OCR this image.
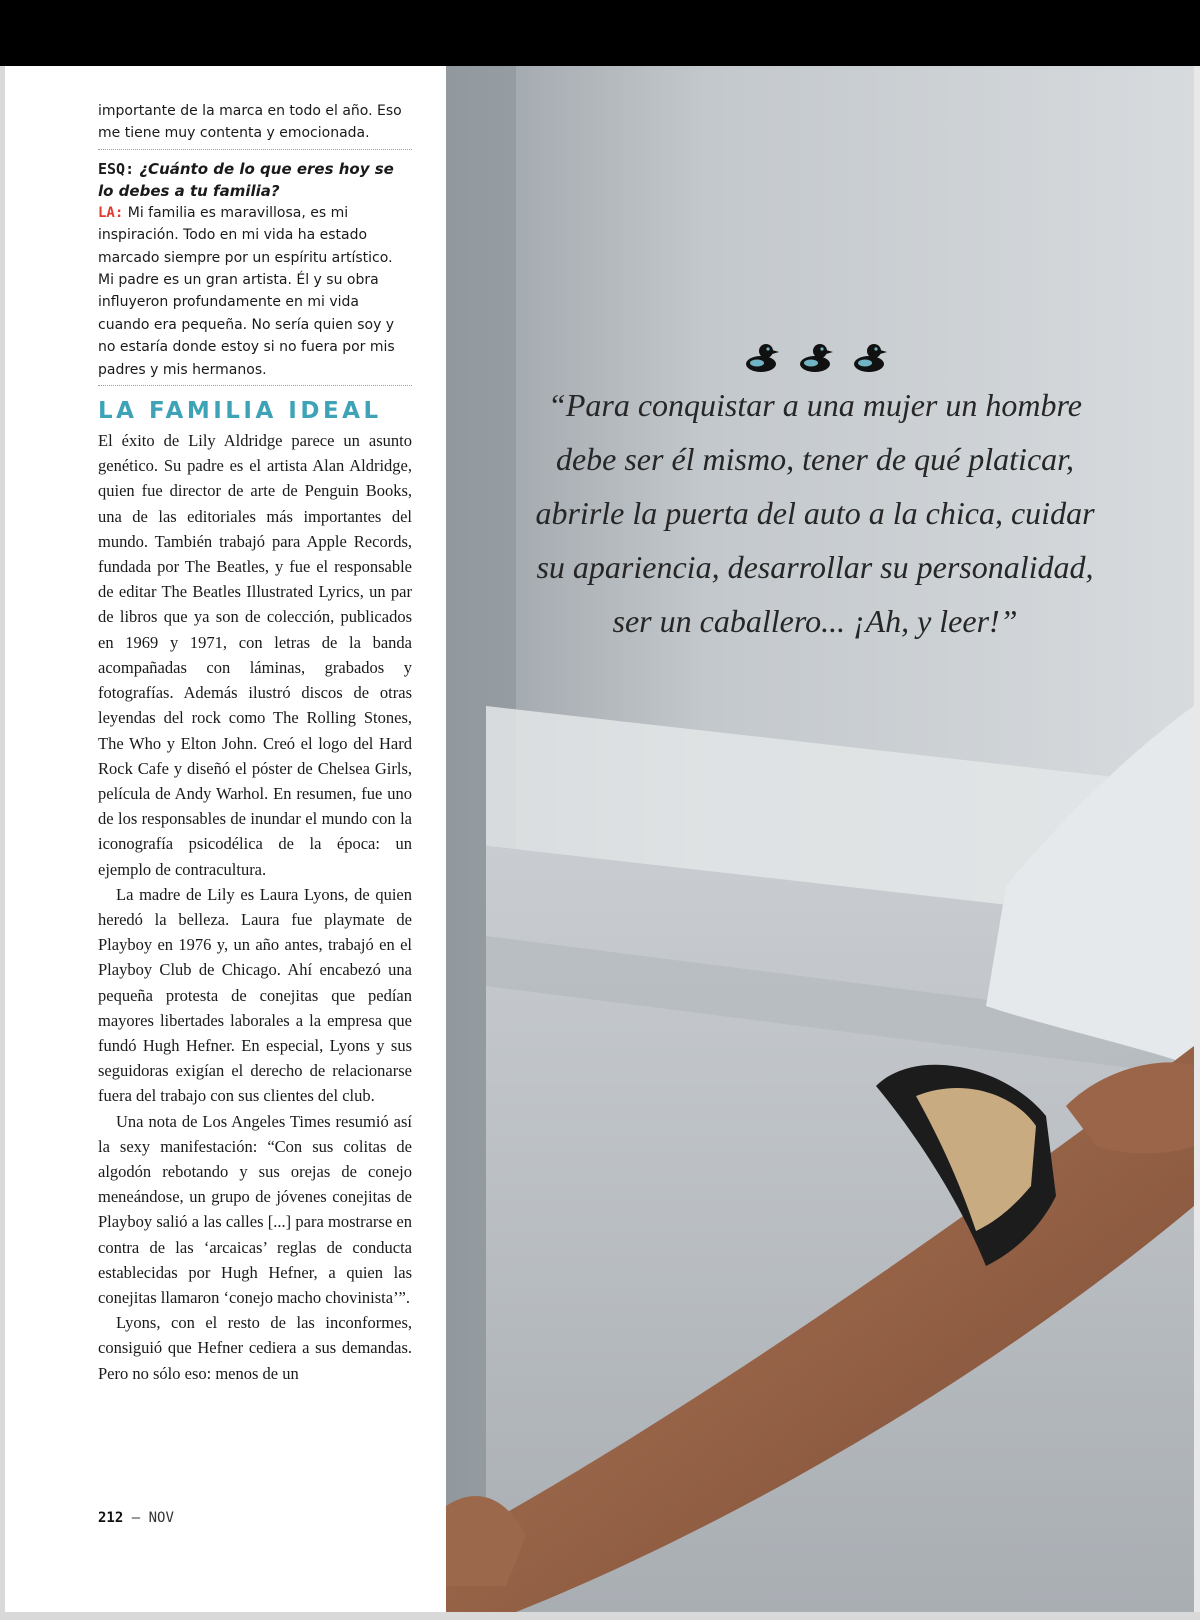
importante de la marca en todo el año. Eso me tiene muy contenta y emocionada.
ESQ: ¿Cuánto de lo que eres hoy se lo debes a tu familia?
LA: Mi familia es maravillosa, es mi inspiración. Todo en mi vida ha estado marcado siempre por un espíritu artístico. Mi padre es un gran artista. Él y su obra influyeron profundamente en mi vida cuando era pequeña. No sería quien soy y no estaría donde estoy si no fuera por mis padres y mis hermanos.
LA FAMILIA IDEAL

El éxito de Lily Aldridge parece un asunto genético. Su padre es el artista Alan Aldridge, quien fue director de arte de Penguin Books, una de las editoriales más importantes del mundo. También trabajó para Apple Records, fundada por The Beatles, y fue el responsable de editar The Beatles Illustrated Lyrics, un par de libros que ya son de colección, publicados en 1969 y 1971, con letras de la banda acompañadas con láminas, grabados y fotografías. Además ilustró discos de otras leyendas del rock como The Rolling Stones, The Who y Elton John. Creó el logo del Hard Rock Cafe y diseñó el póster de Chelsea Girls, película de Andy Warhol. En resumen, fue uno de los responsables de inundar el mundo con la iconografía psicodélica de la época: un ejemplo de contracultura.

La madre de Lily es Laura Lyons, de quien heredó la belleza. Laura fue playmate de Playboy en 1976 y, un año antes, trabajó en el Playboy Club de Chicago. Ahí encabezó una pequeña protesta de conejitas que pedían mayores libertades laborales a la empresa que fundó Hugh Hefner. En especial, Lyons y sus seguidoras exigían el derecho de relacionarse fuera del trabajo con sus clientes del club.

Una nota de Los Angeles Times resumió así la sexy manifestación: “Con sus colitas de algodón rebotando y sus orejas de conejo meneándose, un grupo de jóvenes conejitas de Playboy salió a las calles [...] para mostrarse en contra de las ‘arcaicas’ reglas de conducta establecidas por Hugh Hefner, a quien las conejitas llamaron ‘conejo macho chovinista’”.

Lyons, con el resto de las inconformes, consiguió que Hefner cediera a sus demandas. Pero no sólo eso: menos de un

212 — NOV
“Para conquistar a una mujer un hombre debe ser él mismo, tener de qué platicar, abrirle la puerta del auto a la chica, cuidar su apariencia, desarrollar su personalidad, ser un caballero... ¡Ah, y leer!”
